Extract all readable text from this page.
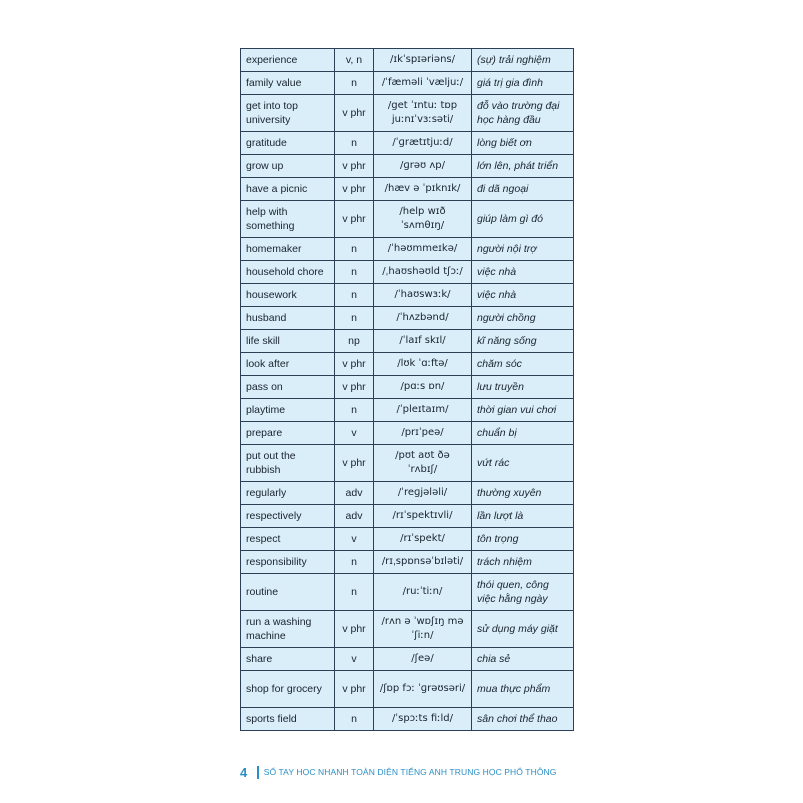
experience	v, n	/ɪkˈspɪəriəns/	(sự) trải nghiệm
family value	n	/ˈfæməli ˈvæljuː/	giá trị gia đình
get into top university	v phr	/get ˈɪntuː tɒp juːnɪˈvɜːsəti/	đỗ vào trường đại học hàng đầu
gratitude	n	/ˈɡrætɪtjuːd/	lòng biết ơn
grow up	v phr	/ɡrəʊ ʌp/	lớn lên, phát triển
have a picnic	v phr	/hæv ə ˈpɪknɪk/	đi dã ngoại
help with something	v phr	/help wɪð ˈsʌmθɪŋ/	giúp làm gì đó
homemaker	n	/ˈhəʊmmeɪkə/	người nội trợ
household chore	n	/ˌhaʊshəʊld tʃɔː/	việc nhà
housework	n	/ˈhaʊswɜːk/	việc nhà
husband	n	/ˈhʌzbənd/	người chồng
life skill	np	/ˈlaɪf skɪl/	kĩ năng sống
look after	v phr	/lʊk ˈɑːftə/	chăm sóc
pass on	v phr	/pɑːs ɒn/	lưu truyền
playtime	n	/ˈpleɪtaɪm/	thời gian vui chơi
prepare	v	/prɪˈpeə/	chuẩn bị
put out the rubbish	v phr	/pʊt aʊt ðə ˈrʌbɪʃ/	vứt rác
regularly	adv	/ˈreɡjələli/	thường xuyên
respectively	adv	/rɪˈspektɪvli/	lần lượt là
respect	v	/rɪˈspekt/	tôn trọng
responsibility	n	/rɪˌspɒnsəˈbɪləti/	trách nhiệm
routine	n	/ruːˈtiːn/	thói quen, công việc hằng ngày
run a washing machine	v phr	/rʌn ə ˈwɒʃɪŋ məˈʃiːn/	sử dụng máy giặt
share	v	/ʃeə/	chia sẻ
shop for grocery	v phr	/ʃɒp fɔː ˈɡrəʊsəri/	mua thực phẩm
sports field	n	/ˈspɔːts fiːld/	sân chơi thể thao
4 SỔ TAY HỌC NHANH TOÀN DIỆN TIẾNG ANH TRUNG HỌC PHỔ THÔNG
